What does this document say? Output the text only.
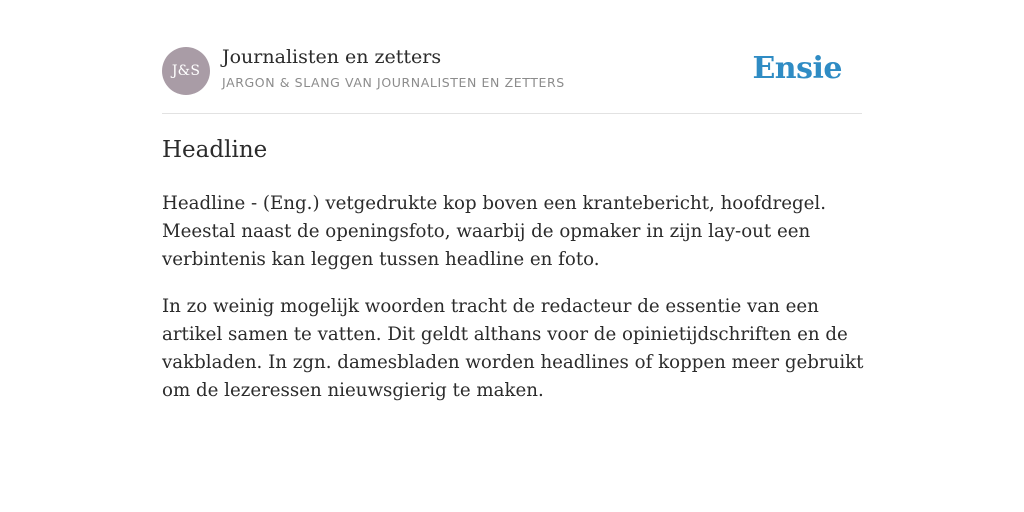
J&S
Journalisten en zetters
JARGON & SLANG VAN JOURNALISTEN EN ZETTERS	Ensie
Headline

Headline - (Eng.) vetgedrukte kop boven een krantebericht, hoofdregel. Meestal naast de openingsfoto, waarbij de opmaker in zijn lay-out een verbintenis kan leggen tussen headline en foto.

In zo weinig mogelijk woorden tracht de redacteur de essentie van een artikel samen te vatten. Dit geldt althans voor de opinietijdschriften en de vakbladen. In zgn. damesbladen worden headlines of koppen meer gebruikt om de lezeressen nieuwsgierig te maken.
